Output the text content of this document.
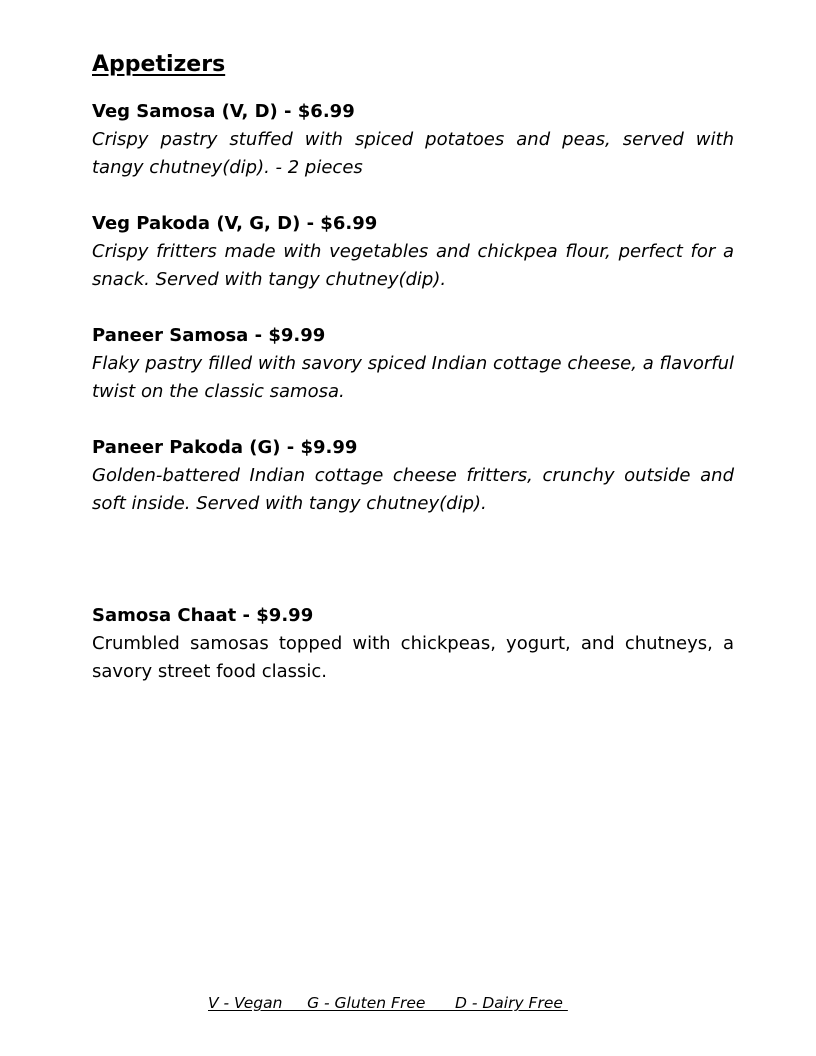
Appetizers

Veg Samosa (V, D) - $6.99

Crispy pastry stuffed with spiced potatoes and peas, served with tangy chutney(dip). - 2 pieces

Veg Pakoda (V, G, D) - $6.99

Crispy fritters made with vegetables and chickpea flour, perfect for a snack. Served with tangy chutney(dip).

Paneer Samosa - $9.99

Flaky pastry filled with savory spiced Indian cottage cheese, a flavorful twist on the classic samosa.

Paneer Pakoda (G) - $9.99

Golden-battered Indian cottage cheese fritters, crunchy outside and soft inside. Served with tangy chutney(dip).

Samosa Chaat - $9.99

Crumbled samosas topped with chickpeas, yogurt, and chutneys, a savory street food classic.

V - Vegan     G - Gluten Free      D - Dairy Free
